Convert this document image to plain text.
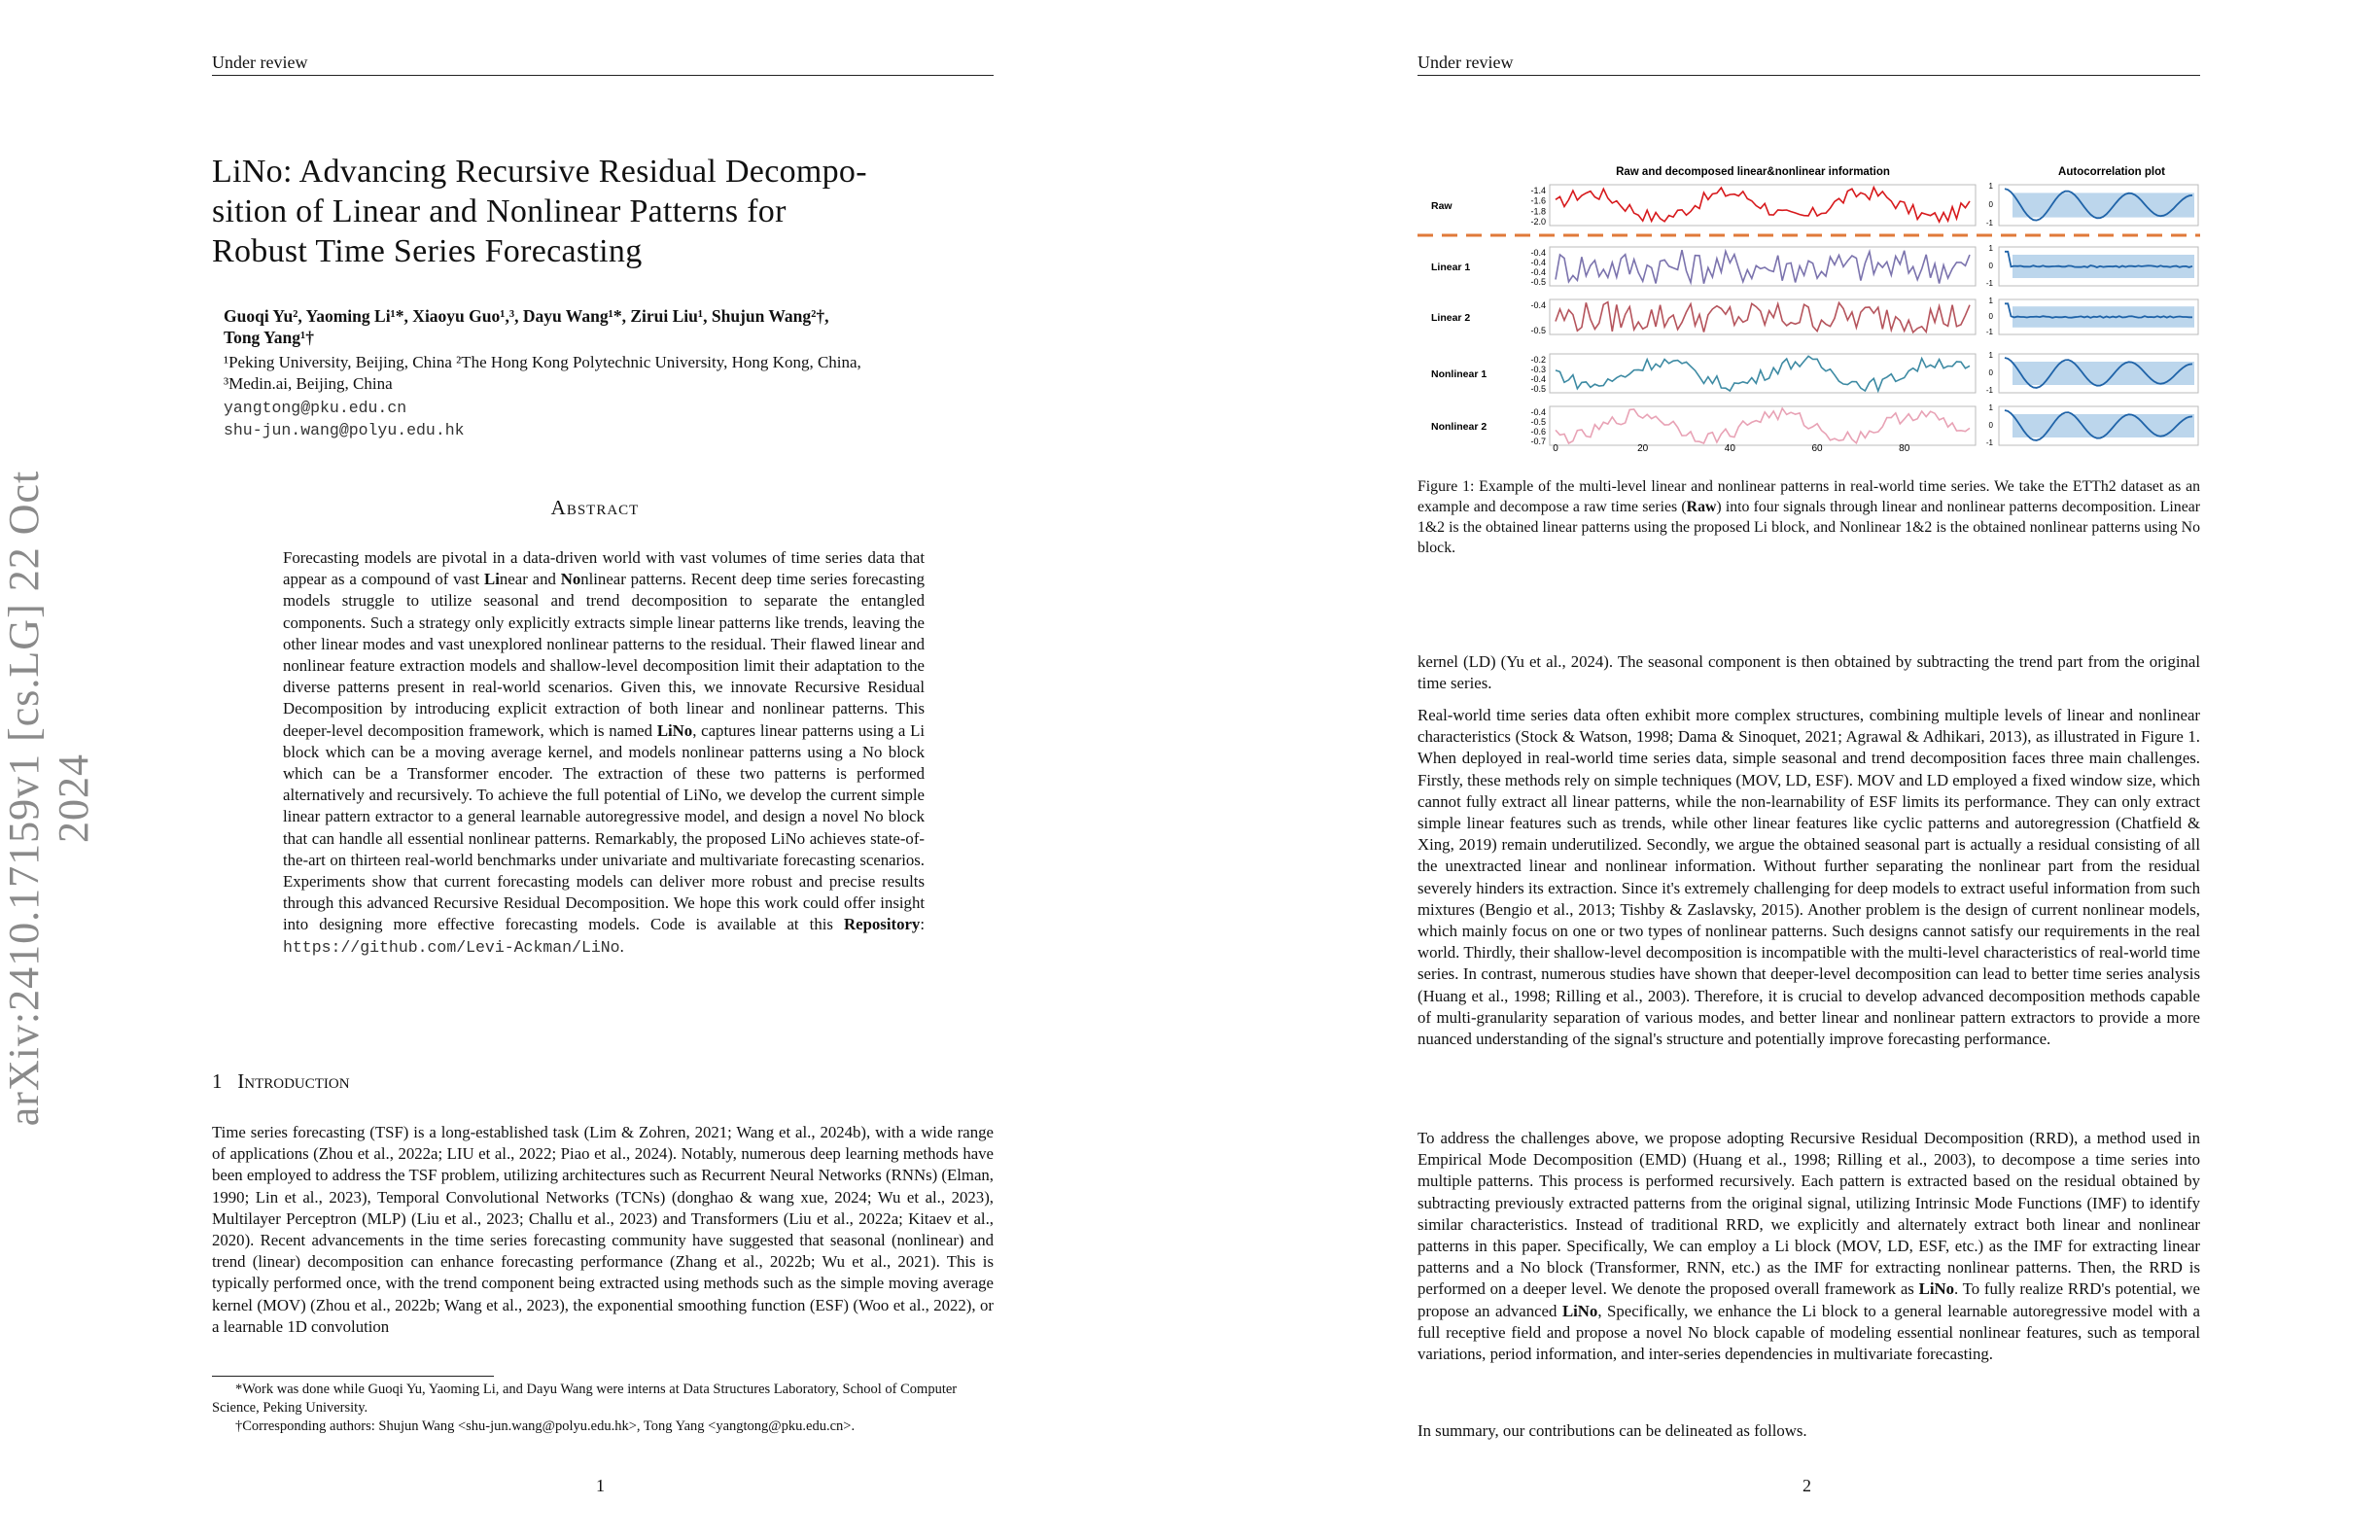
Under review
arXiv:2410.17159v1 [cs.LG] 22 Oct 2024
LiNo: Advancing Recursive Residual Decompo-
sition of Linear and Nonlinear Patterns for
Robust Time Series Forecasting
Guoqi Yu², Yaoming Li¹*, Xiaoyu Guo¹,³, Dayu Wang¹*, Zirui Liu¹, Shujun Wang²†,
Tong Yang¹†
¹Peking University, Beijing, China ²The Hong Kong Polytechnic University, Hong Kong, China,
³Medin.ai, Beijing, China
yangtong@pku.edu.cn
shu-jun.wang@polyu.edu.hk
Abstract
Forecasting models are pivotal in a data-driven world with vast volumes of time series data that appear as a compound of vast Linear and Nonlinear patterns. Recent deep time series forecasting models struggle to utilize seasonal and trend decomposition to separate the entangled components. Such a strategy only explicitly extracts simple linear patterns like trends, leaving the other linear modes and vast unexplored nonlinear patterns to the residual. Their flawed linear and nonlinear feature extraction models and shallow-level decomposition limit their adaptation to the diverse patterns present in real-world scenarios. Given this, we innovate Recursive Residual Decomposition by introducing explicit extraction of both linear and nonlinear patterns. This deeper-level decomposition framework, which is named LiNo, captures linear patterns using a Li block which can be a moving average kernel, and models nonlinear patterns using a No block which can be a Transformer encoder. The extraction of these two patterns is performed alternatively and recursively. To achieve the full potential of LiNo, we develop the current simple linear pattern extractor to a general learnable autoregressive model, and design a novel No block that can handle all essential nonlinear patterns. Remarkably, the proposed LiNo achieves state-of-the-art on thirteen real-world benchmarks under univariate and multivariate forecasting scenarios. Experiments show that current forecasting models can deliver more robust and precise results through this advanced Recursive Residual Decomposition. We hope this work could offer insight into designing more effective forecasting models. Code is available at this Repository: https://github.com/Levi-Ackman/LiNo.
1 Introduction
Time series forecasting (TSF) is a long-established task (Lim & Zohren, 2021; Wang et al., 2024b), with a wide range of applications (Zhou et al., 2022a; LIU et al., 2022; Piao et al., 2024). Notably, numerous deep learning methods have been employed to address the TSF problem, utilizing architectures such as Recurrent Neural Networks (RNNs) (Elman, 1990; Lin et al., 2023), Temporal Convolutional Networks (TCNs) (donghao & wang xue, 2024; Wu et al., 2023), Multilayer Perceptron (MLP) (Liu et al., 2023; Challu et al., 2023) and Transformers (Liu et al., 2022a; Kitaev et al., 2020). Recent advancements in the time series forecasting community have suggested that seasonal (nonlinear) and trend (linear) decomposition can enhance forecasting performance (Zhang et al., 2022b; Wu et al., 2021). This is typically performed once, with the trend component being extracted using methods such as the simple moving average kernel (MOV) (Zhou et al., 2022b; Wang et al., 2023), the exponential smoothing function (ESF) (Woo et al., 2022), or a learnable 1D convolution
*Work was done while Guoqi Yu, Yaoming Li, and Dayu Wang were interns at Data Structures Laboratory, School of Computer Science, Peking University.
†Corresponding authors: Shujun Wang <shu-jun.wang@polyu.edu.hk>, Tong Yang <yangtong@pku.edu.cn>.
1
Under review
2
Raw and decomposed linear&nonlinear information	Autocorrelation plot
Raw
-1.4
-1.6
-1.8
-2.0
1
0
-1
Linear 1
-0.4
-0.4
-0.4
-0.5
1
0
-1
Linear 2
-0.4
-0.5
1
0
-1
Nonlinear 1
-0.2
-0.3
-0.4
-0.5
1
0
-1
Nonlinear 2
-0.4
-0.5
-0.6
-0.7
1
0
-1
0	20	40	60	80
Figure 1: Example of the multi-level linear and nonlinear patterns in real-world time series. We take the ETTh2 dataset as an example and decompose a raw time series (Raw) into four signals through linear and nonlinear patterns decomposition. Linear 1&2 is the obtained linear patterns using the proposed Li block, and Nonlinear 1&2 is the obtained nonlinear patterns using No block.
kernel (LD) (Yu et al., 2024). The seasonal component is then obtained by subtracting the trend part from the original time series.
Real-world time series data often exhibit more complex structures, combining multiple levels of linear and nonlinear characteristics (Stock & Watson, 1998; Dama & Sinoquet, 2021; Agrawal & Adhikari, 2013), as illustrated in Figure 1. When deployed in real-world time series data, simple seasonal and trend decomposition faces three main challenges. Firstly, these methods rely on simple techniques (MOV, LD, ESF). MOV and LD employed a fixed window size, which cannot fully extract all linear patterns, while the non-learnability of ESF limits its performance. They can only extract simple linear features such as trends, while other linear features like cyclic patterns and autoregression (Chatfield & Xing, 2019) remain underutilized. Secondly, we argue the obtained seasonal part is actually a residual consisting of all the unextracted linear and nonlinear information. Without further separating the nonlinear part from the residual severely hinders its extraction. Since it's extremely challenging for deep models to extract useful information from such mixtures (Bengio et al., 2013; Tishby & Zaslavsky, 2015). Another problem is the design of current nonlinear models, which mainly focus on one or two types of nonlinear patterns. Such designs cannot satisfy our requirements in the real world. Thirdly, their shallow-level decomposition is incompatible with the multi-level characteristics of real-world time series. In contrast, numerous studies have shown that deeper-level decomposition can lead to better time series analysis (Huang et al., 1998; Rilling et al., 2003). Therefore, it is crucial to develop advanced decomposition methods capable of multi-granularity separation of various modes, and better linear and nonlinear pattern extractors to provide a more nuanced understanding of the signal's structure and potentially improve forecasting performance.
To address the challenges above, we propose adopting Recursive Residual Decomposition (RRD), a method used in Empirical Mode Decomposition (EMD) (Huang et al., 1998; Rilling et al., 2003), to decompose a time series into multiple patterns. This process is performed recursively. Each pattern is extracted based on the residual obtained by subtracting previously extracted patterns from the original signal, utilizing Intrinsic Mode Functions (IMF) to identify similar characteristics. Instead of traditional RRD, we explicitly and alternately extract both linear and nonlinear patterns in this paper. Specifically, We can employ a Li block (MOV, LD, ESF, etc.) as the IMF for extracting linear patterns and a No block (Transformer, RNN, etc.) as the IMF for extracting nonlinear patterns. Then, the RRD is performed on a deeper level. We denote the proposed overall framework as LiNo. To fully realize RRD's potential, we propose an advanced LiNo, Specifically, we enhance the Li block to a general learnable autoregressive model with a full receptive field and propose a novel No block capable of modeling essential nonlinear features, such as temporal variations, period information, and inter-series dependencies in multivariate forecasting.
In summary, our contributions can be delineated as follows.
